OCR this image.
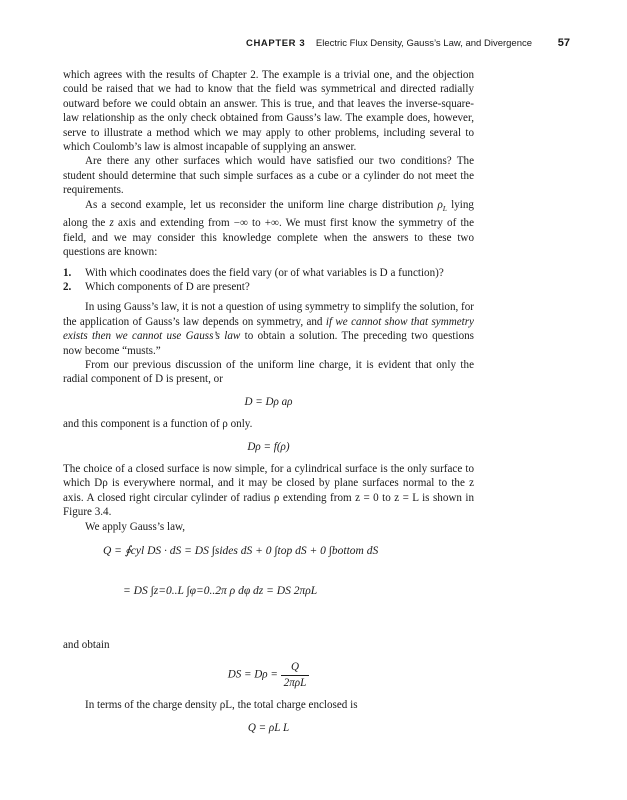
CHAPTER 3 Electric Flux Density, Gauss’s Law, and Divergence 57

which agrees with the results of Chapter 2. The example is a trivial one, and the objection could be raised that we had to know that the field was symmetrical and directed radially outward before we could obtain an answer. This is true, and that leaves the inverse-square-law relationship as the only check obtained from Gauss’s law. The example does, however, serve to illustrate a method which we may apply to other problems, including several to which Coulomb’s law is almost incapable of supplying an answer.

Are there any other surfaces which would have satisfied our two conditions? The student should determine that such simple surfaces as a cube or a cylinder do not meet the requirements.

As a second example, let us reconsider the uniform line charge distribution $\rho_L$ lying along the z axis and extending from −∞ to +∞. We must first know the symmetry of the field, and we may consider this knowledge complete when the answers to these two questions are known:

1. With which coodinates does the field vary (or of what variables is D a function)?
2. Which components of D are present?

In using Gauss’s law, it is not a question of using symmetry to simplify the solution, for the application of Gauss’s law depends on symmetry, and if we cannot show that symmetry exists then we cannot use Gauss’s law to obtain a solution. The preceding two questions now become “musts.”

From our previous discussion of the uniform line charge, it is evident that only the radial component of D is present, or

D = Dρ aρ

and this component is a function of ρ only.

Dρ = f(ρ)

The choice of a closed surface is now simple, for a cylindrical surface is the only surface to which Dρ is everywhere normal, and it may be closed by plane surfaces normal to the z axis. A closed right circular cylinder of radius ρ extending from z = 0 to z = L is shown in Figure 3.4.

We apply Gauss’s law,

Q = ∮cyl DS · dS = DS ∫sides dS + 0 ∫top dS + 0 ∫bottom dS
= DS ∫z=0..L ∫φ=0..2π ρ dφ dz = DS 2πρL

and obtain

DS = $D\rho = \frac{Q}{\text{2πρL}}$

In terms of the charge density ρL, the total charge enclosed is

Q = ρL L
